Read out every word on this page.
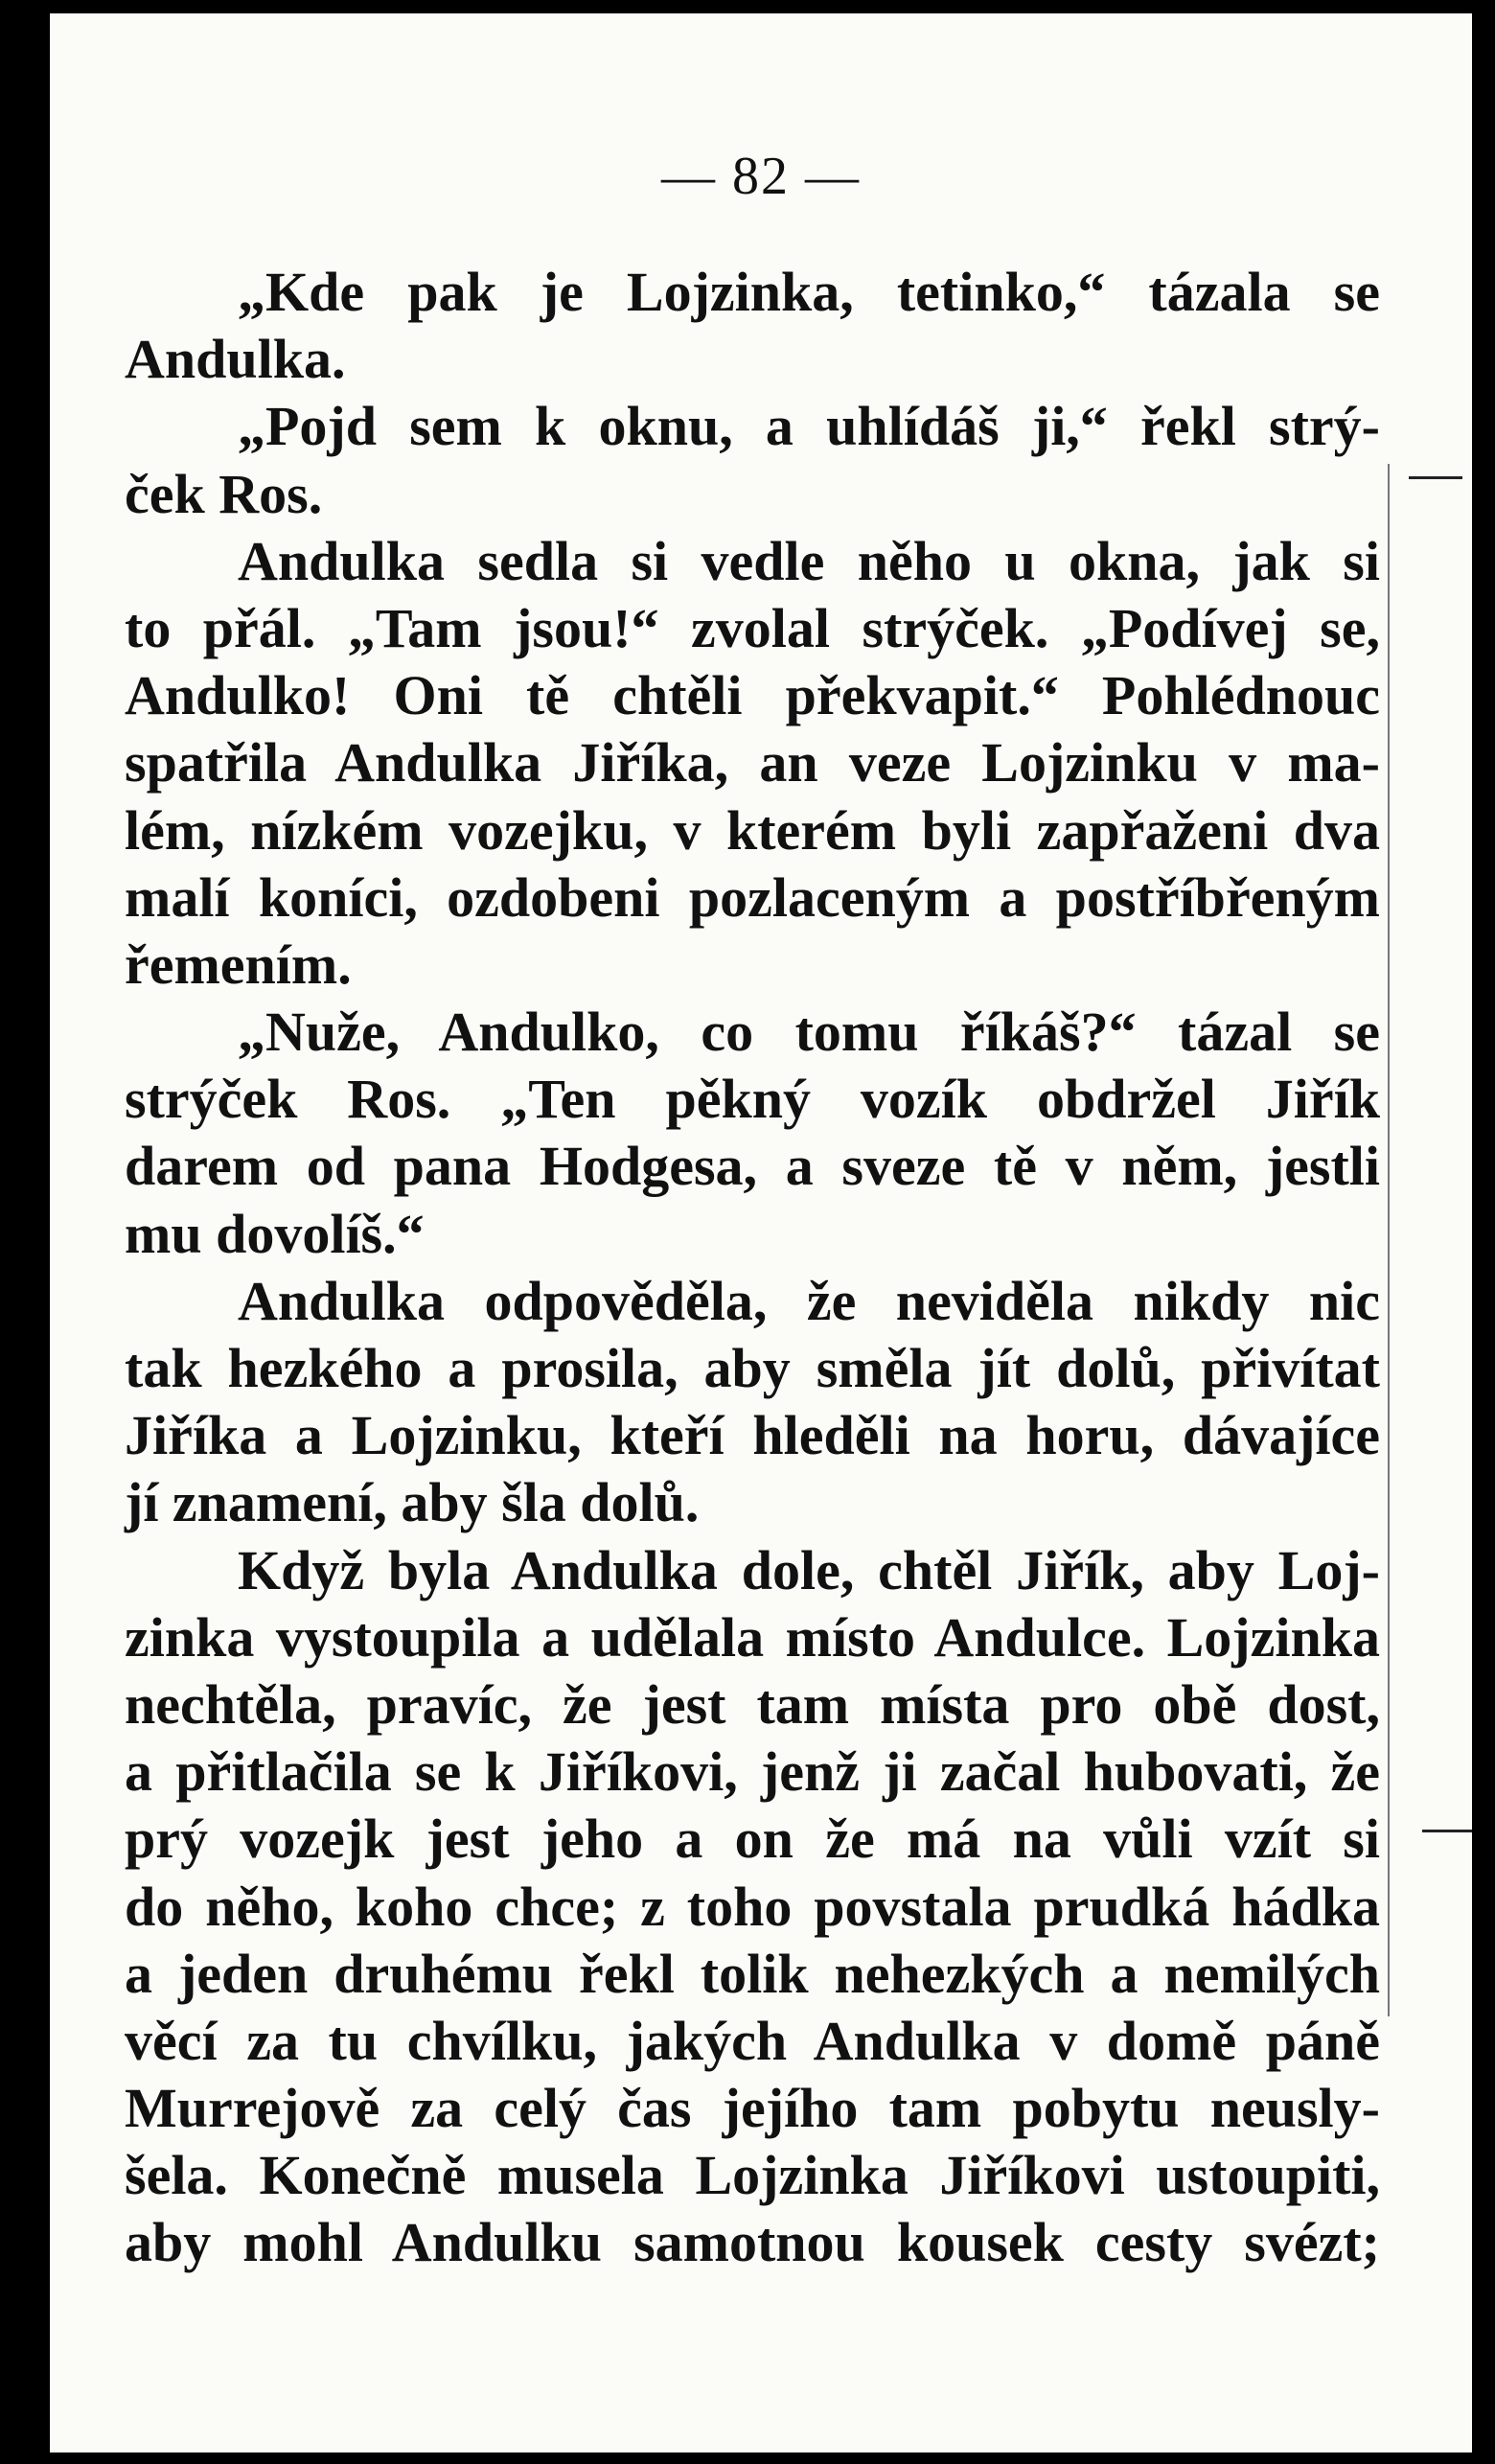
— 82 —
„Kde pak je Lojzinka, tetinko,“ tázala se
Andulka.
„Pojd sem k oknu, a uhlídáš ji,“ řekl strý-
ček Ros.
Andulka sedla si vedle něho u okna, jak si
to přál. „Tam jsou!“ zvolal strýček. „Podívej se,
Andulko! Oni tě chtěli překvapit.“ Pohlédnouc
spatřila Andulka Jiříka, an veze Lojzinku v ma-
lém, nízkém vozejku, v kterém byli zapřaženi dva
malí koníci, ozdobeni pozlaceným a postříbřeným
řemením.
„Nuže, Andulko, co tomu říkáš?“ tázal se
strýček Ros. „Ten pěkný vozík obdržel Jiřík
darem od pana Hodgesa, a sveze tě v něm, jestli
mu dovolíš.“
Andulka odpověděla, že neviděla nikdy nic
tak hezkého a prosila, aby směla jít dolů, přivítat
Jiříka a Lojzinku, kteří hleděli na horu, dávajíce
jí znamení, aby šla dolů.
Když byla Andulka dole, chtěl Jiřík, aby Loj-
zinka vystoupila a udělala místo Andulce. Lojzinka
nechtěla, pravíc, že jest tam místa pro obě dost,
a přitlačila se k Jiříkovi, jenž ji začal hubovati, že
prý vozejk jest jeho a on že má na vůli vzít si
do něho, koho chce; z toho povstala prudká hádka
a jeden druhému řekl tolik nehezkých a nemilých
věcí za tu chvílku, jakých Andulka v domě páně
Murrejově za celý čas jejího tam pobytu neusly-
šela. Konečně musela Lojzinka Jiříkovi ustoupiti,
aby mohl Andulku samotnou kousek cesty svézt;
